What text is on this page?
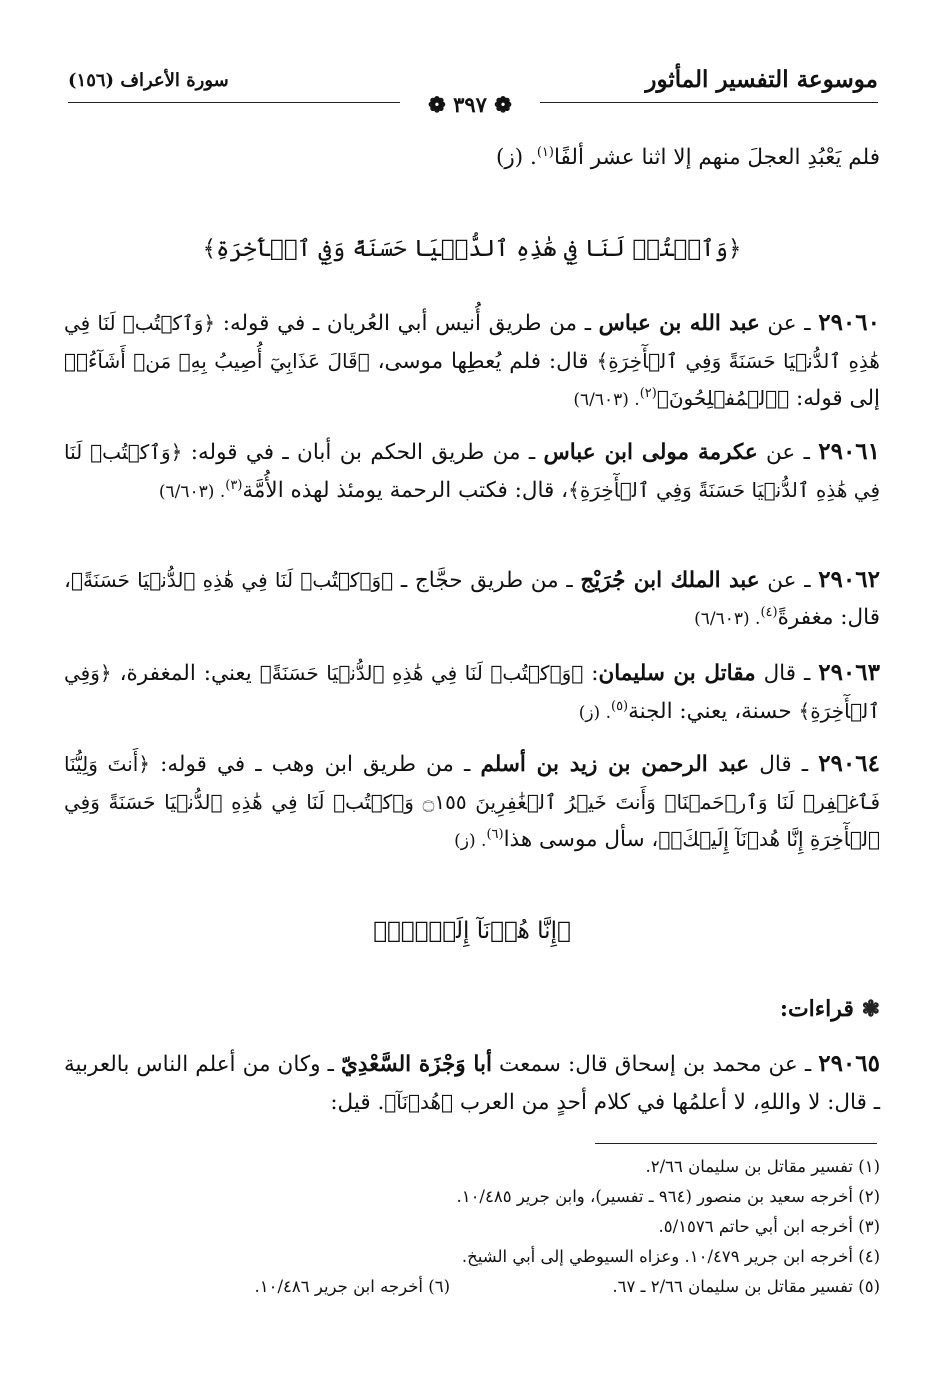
موسوعة التفسير المأثور
سورة الأعراف (١٥٦)
❁ ٣٩٧ ❁
فلم يَعْبُدِ العجلَ منهم إلا اثنا عشر ألفًا$^{(١)}$. (ز)
﴿وَٱكۡتُبۡ لَنَا فِي هَٰذِهِ ٱلدُّنۡيَا حَسَنَةً وَفِي ٱلۡأٓخِرَةِ﴾
٢٩٠٦٠ ـ عن عبد الله بن عباس ـ من طريق أُنيس أبي العُريان ـ في قوله: ﴿وَٱكۡتُبۡ لَنَا فِي هَٰذِهِ ٱلدُّنۡيَا حَسَنَةً وَفِي ٱلۡأٓخِرَةِ﴾ قال: فلم يُعطِها موسى، ﴿قَالَ عَذَابِيٓ أُصِيبُ بِهِۦ مَنۡ أَشَآءُۖ﴾ إلى قوله: ﴿ٱلۡمُفۡلِحُونَ﴾$^{(٢)}$. (٦/٦٠٣)
٢٩٠٦١ ـ عن عكرمة مولى ابن عباس ـ من طريق الحكم بن أبان ـ في قوله: ﴿وَٱكۡتُبۡ لَنَا فِي هَٰذِهِ ٱلدُّنۡيَا حَسَنَةً وَفِي ٱلۡأٓخِرَةِ﴾، قال: فكتب الرحمة يومئذ لهذه الأُمَّة$^{(٣)}$. (٦/٦٠٣)
٢٩٠٦٢ ـ عن عبد الملك ابن جُرَيْج ـ من طريق حجَّاج ـ ﴿وَٱكۡتُبۡ لَنَا فِي هَٰذِهِ ٱلدُّنۡيَا حَسَنَةً﴾، قال: مغفرةً$^{(٤)}$. (٦/٦٠٣)
٢٩٠٦٣ ـ قال مقاتل بن سليمان: ﴿وَٱكۡتُبۡ لَنَا فِي هَٰذِهِ ٱلدُّنۡيَا حَسَنَةً﴾ يعني: المغفرة، ﴿وَفِي ٱلۡأٓخِرَةِ﴾ حسنة، يعني: الجنة$^{(٥)}$. (ز)
٢٩٠٦٤ ـ قال عبد الرحمن بن زيد بن أسلم ـ من طريق ابن وهب ـ في قوله: ﴿أَنتَ وَلِيُّنَا فَٱغۡفِرۡ لَنَا وَٱرۡحَمۡنَاۖ وَأَنتَ خَيۡرُ ٱلۡغَٰفِرِينَ ۝١٥٥ وَٱكۡتُبۡ لَنَا فِي هَٰذِهِ ٱلدُّنۡيَا حَسَنَةً وَفِي ٱلۡأٓخِرَةِ إِنَّا هُدۡنَآ إِلَيۡكَۚ﴾، سأل موسى هذا$^{(٦)}$. (ز)
﴿إِنَّا هُدۡنَآ إِلَيۡكَۚ﴾
❃ قراءات:
٢٩٠٦٥ ـ عن محمد بن إسحاق قال: سمعت أبا وَجْزَة السَّعْدِيّ ـ وكان من أعلم الناس بالعربية ـ قال: لا واللهِ، لا أعلمُها في كلام أحدٍ من العرب ﴿هُدۡنَآ﴾. قيل:
(١) تفسير مقاتل بن سليمان ٢/٦٦.
(٢) أخرجه سعيد بن منصور (٩٦٤ ـ تفسير)، وابن جرير ١٠/٤٨٥.
(٣) أخرجه ابن أبي حاتم ٥/١٥٧٦.
(٤) أخرجه ابن جرير ١٠/٤٧٩. وعزاه السيوطي إلى أبي الشيخ.
(٥) تفسير مقاتل بن سليمان ٢/٦٦ ـ ٦٧.
(٦) أخرجه ابن جرير ١٠/٤٨٦.
